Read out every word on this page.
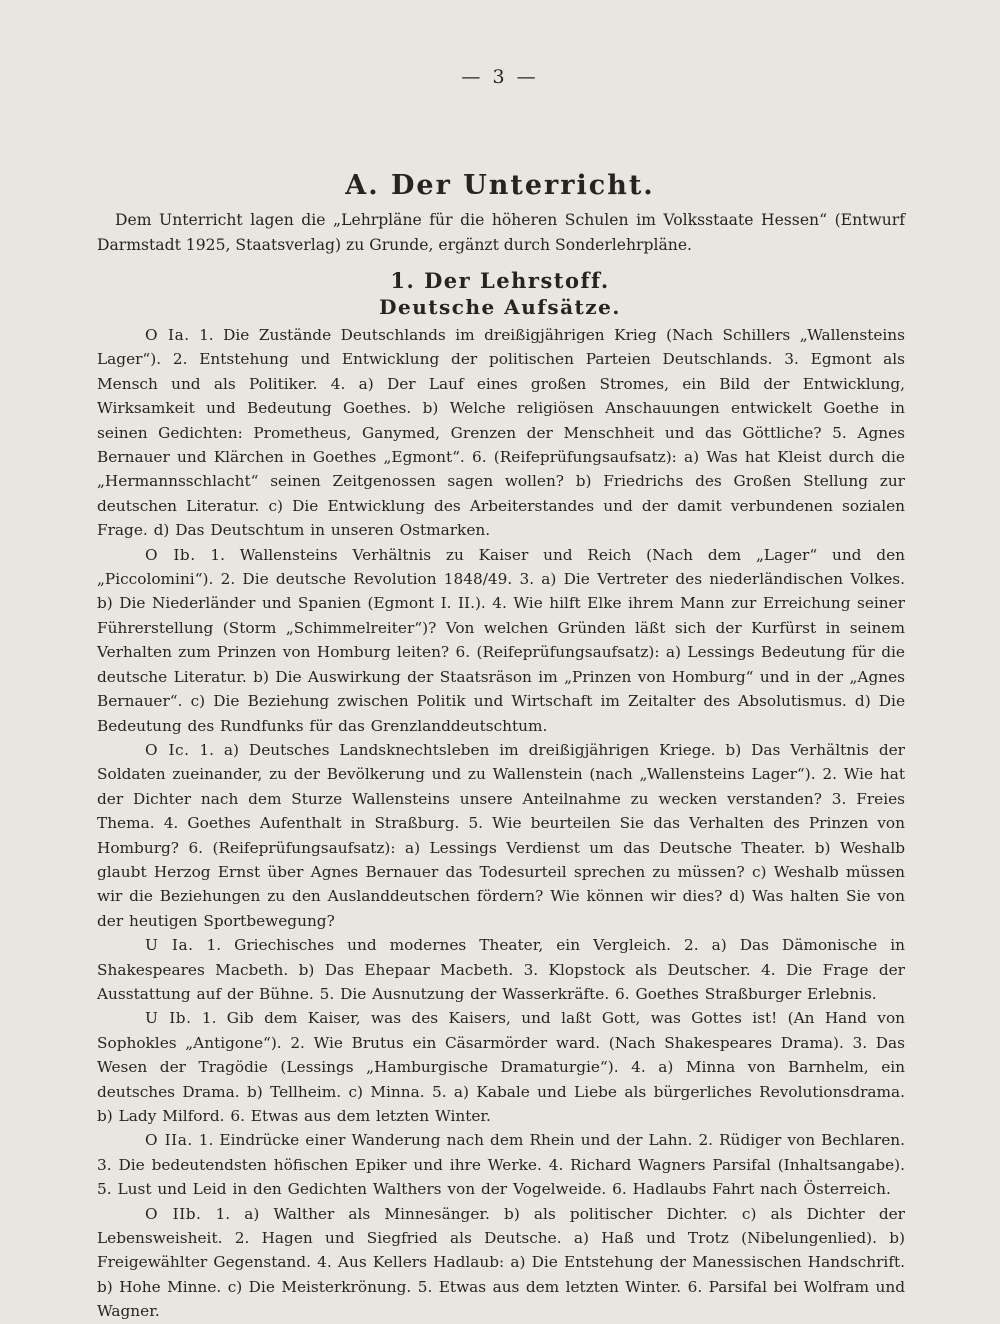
— 3 —
A. Der Unterricht.
Dem Unterricht lagen die „Lehrpläne für die höheren Schulen im Volksstaate Hessen“ (Entwurf Darmstadt 1925, Staatsverlag) zu Grunde, ergänzt durch Sonderlehrpläne.
1. Der Lehrstoff.
Deutsche Aufsätze.

O Ia. 1. Die Zustände Deutschlands im dreißigjährigen Krieg (Nach Schillers „Wallensteins Lager“). 2. Entstehung und Entwicklung der politischen Parteien Deutschlands. 3. Egmont als Mensch und als Politiker. 4. a) Der Lauf eines großen Stromes, ein Bild der Entwicklung, Wirksamkeit und Bedeutung Goethes. b) Welche religiösen Anschauungen entwickelt Goethe in seinen Gedichten: Prometheus, Ganymed, Grenzen der Menschheit und das Göttliche? 5. Agnes Bernauer und Klärchen in Goethes „Egmont“. 6. (Reifeprüfungsaufsatz): a) Was hat Kleist durch die „Hermannsschlacht“ seinen Zeitgenossen sagen wollen? b) Friedrichs des Großen Stellung zur deutschen Literatur. c) Die Entwicklung des Arbeiterstandes und der damit verbundenen sozialen Frage. d) Das Deutschtum in unseren Ostmarken.

O Ib. 1. Wallensteins Verhältnis zu Kaiser und Reich (Nach dem „Lager“ und den „Piccolomini“). 2. Die deutsche Revolution 1848/49. 3. a) Die Vertreter des niederländischen Volkes. b) Die Niederländer und Spanien (Egmont I. II.). 4. Wie hilft Elke ihrem Mann zur Erreichung seiner Führerstellung (Storm „Schimmelreiter“)? Von welchen Gründen läßt sich der Kurfürst in seinem Verhalten zum Prinzen von Homburg leiten? 6. (Reifeprüfungsaufsatz): a) Lessings Bedeutung für die deutsche Literatur. b) Die Auswirkung der Staatsräson im „Prinzen von Homburg“ und in der „Agnes Bernauer“. c) Die Beziehung zwischen Politik und Wirtschaft im Zeitalter des Absolutismus. d) Die Bedeutung des Rundfunks für das Grenzlanddeutschtum.

O Ic. 1. a) Deutsches Landsknechtsleben im dreißigjährigen Kriege. b) Das Verhältnis der Soldaten zueinander, zu der Bevölkerung und zu Wallenstein (nach „Wallensteins Lager“). 2. Wie hat der Dichter nach dem Sturze Wallensteins unsere Anteilnahme zu wecken verstanden? 3. Freies Thema. 4. Goethes Aufenthalt in Straßburg. 5. Wie beurteilen Sie das Verhalten des Prinzen von Homburg? 6. (Reifeprüfungsaufsatz): a) Lessings Verdienst um das Deutsche Theater. b) Weshalb glaubt Herzog Ernst über Agnes Bernauer das Todesurteil sprechen zu müssen? c) Weshalb müssen wir die Beziehungen zu den Auslanddeutschen fördern? Wie können wir dies? d) Was halten Sie von der heutigen Sportbewegung?

U Ia. 1. Griechisches und modernes Theater, ein Vergleich. 2. a) Das Dämonische in Shakespeares Macbeth. b) Das Ehepaar Macbeth. 3. Klopstock als Deutscher. 4. Die Frage der Ausstattung auf der Bühne. 5. Die Ausnutzung der Wasserkräfte. 6. Goethes Straßburger Erlebnis.

U Ib. 1. Gib dem Kaiser, was des Kaisers, und laßt Gott, was Gottes ist! (An Hand von Sophokles „Antigone“). 2. Wie Brutus ein Cäsarmörder ward. (Nach Shakespeares Drama). 3. Das Wesen der Tragödie (Lessings „Hamburgische Dramaturgie“). 4. a) Minna von Barnhelm, ein deutsches Drama. b) Tellheim. c) Minna. 5. a) Kabale und Liebe als bürgerliches Revolutionsdrama. b) Lady Milford. 6. Etwas aus dem letzten Winter.

O IIa. 1. Eindrücke einer Wanderung nach dem Rhein und der Lahn. 2. Rüdiger von Bechlaren. 3. Die bedeutendsten höfischen Epiker und ihre Werke. 4. Richard Wagners Parsifal (Inhaltsangabe). 5. Lust und Leid in den Gedichten Walthers von der Vogelweide. 6. Hadlaubs Fahrt nach Österreich.

O IIb. 1. a) Walther als Minnesänger. b) als politischer Dichter. c) als Dichter der Lebensweisheit. 2. Hagen und Siegfried als Deutsche. a) Haß und Trotz (Nibelungenlied). b) Freigewählter Gegenstand. 4. Aus Kellers Hadlaub: a) Die Entstehung der Manessischen Handschrift. b) Hohe Minne. c) Die Meisterkrönung. 5. Etwas aus dem letzten Winter. 6. Parsifal bei Wolfram und Wagner.
